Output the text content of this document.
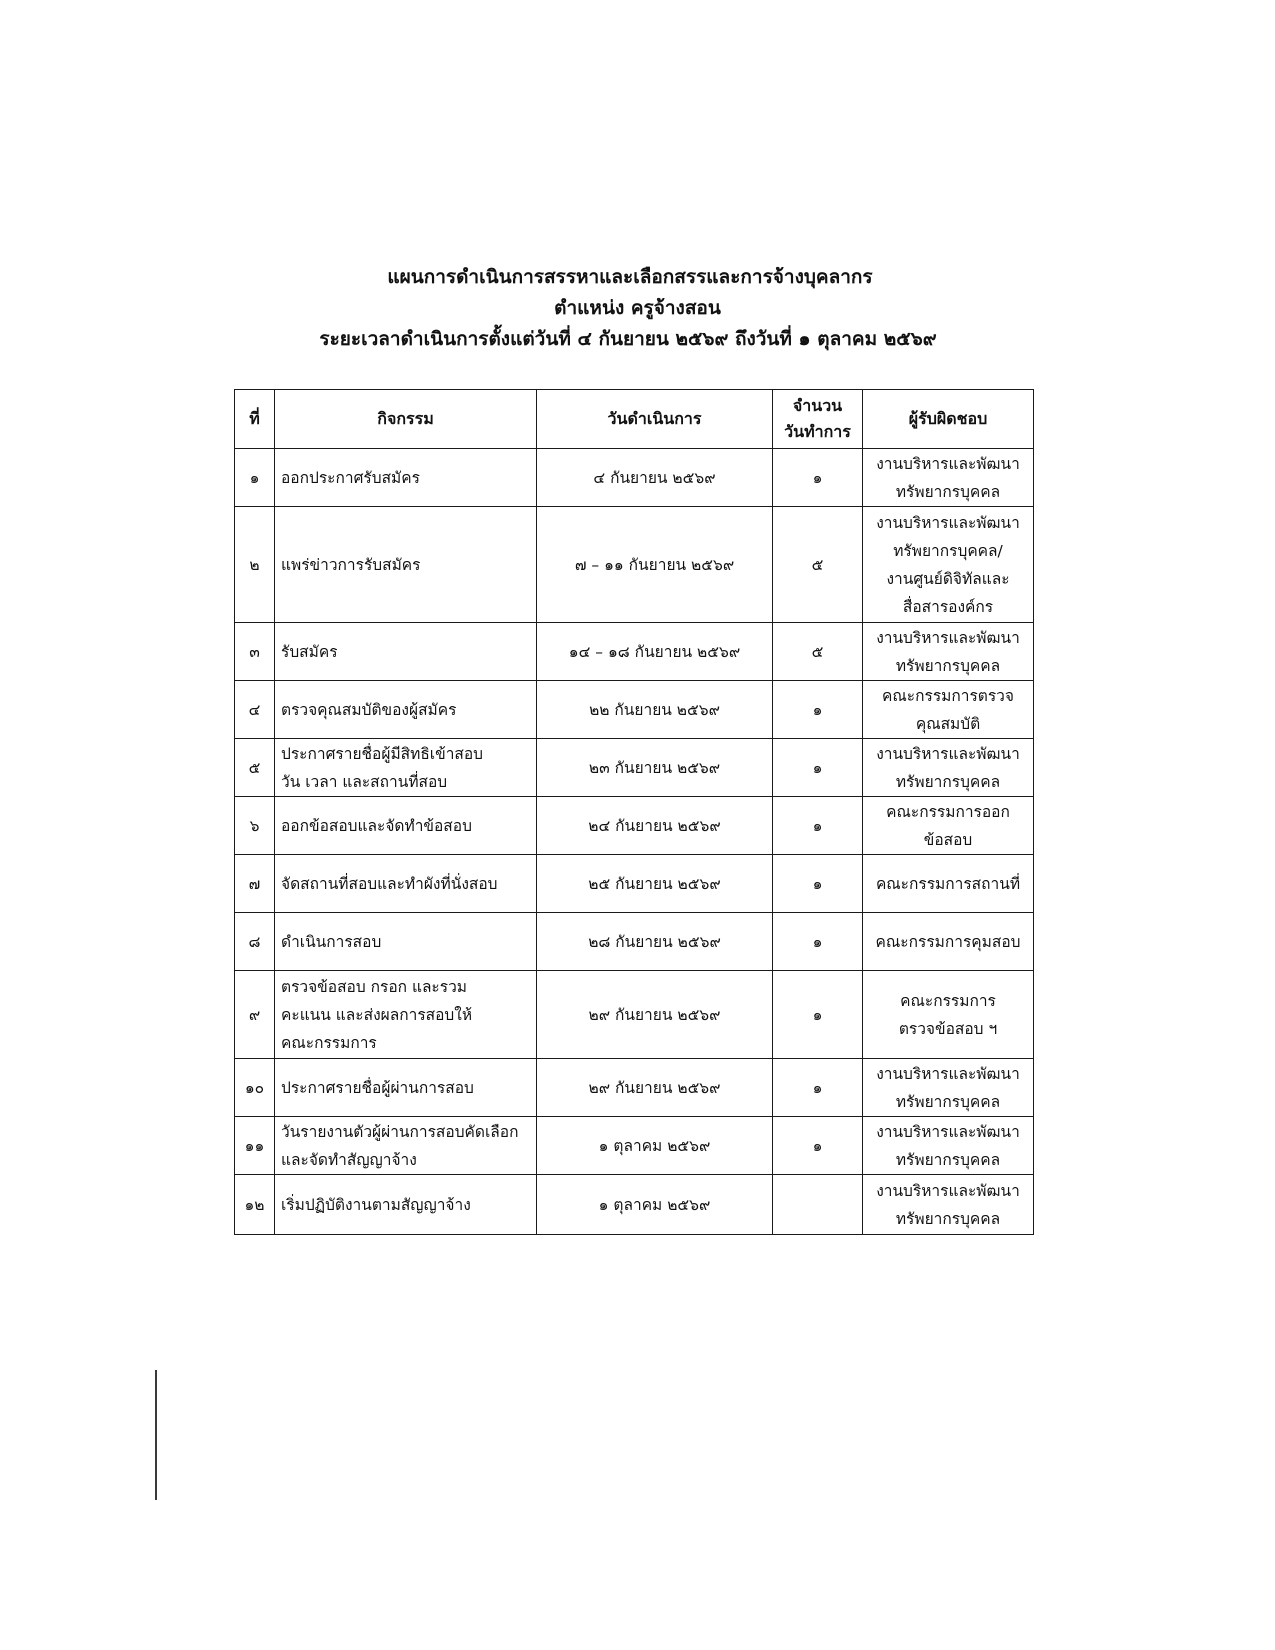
แผนการดำเนินการสรรหาและเลือกสรรและการจ้างบุคลากร
ตำแหน่ง ครูจ้างสอน
ระยะเวลาดำเนินการตั้งแต่วันที่ ๔ กันยายน ๒๕๖๙ ถึงวันที่ ๑ ตุลาคม ๒๕๖๙
ที่	กิจกรรม	วันดำเนินการ	จำนวน
วันทำการ	ผู้รับผิดชอบ
๑	ออกประกาศรับสมัคร	๔ กันยายน ๒๕๖๙	๑	งานบริหารและพัฒนา
ทรัพยากรบุคคล
๒	แพร่ข่าวการรับสมัคร	๗ – ๑๑ กันยายน ๒๕๖๙	๕	งานบริหารและพัฒนา
ทรัพยากรบุคคล/
งานศูนย์ดิจิทัลและ
สื่อสารองค์กร
๓	รับสมัคร	๑๔ – ๑๘ กันยายน ๒๕๖๙	๕	งานบริหารและพัฒนา
ทรัพยากรบุคคล
๔	ตรวจคุณสมบัติของผู้สมัคร	๒๒ กันยายน ๒๕๖๙	๑	คณะกรรมการตรวจ
คุณสมบัติ
๕	ประกาศรายชื่อผู้มีสิทธิเข้าสอบ
วัน เวลา และสถานที่สอบ	๒๓ กันยายน ๒๕๖๙	๑	งานบริหารและพัฒนา
ทรัพยากรบุคคล
๖	ออกข้อสอบและจัดทำข้อสอบ	๒๔ กันยายน ๒๕๖๙	๑	คณะกรรมการออก
ข้อสอบ
๗	จัดสถานที่สอบและทำผังที่นั่งสอบ	๒๕ กันยายน ๒๕๖๙	๑	คณะกรรมการสถานที่
๘	ดำเนินการสอบ	๒๘ กันยายน ๒๕๖๙	๑	คณะกรรมการคุมสอบ
๙	ตรวจข้อสอบ กรอก และรวม
คะแนน และส่งผลการสอบให้
คณะกรรมการ	๒๙ กันยายน ๒๕๖๙	๑	คณะกรรมการ
ตรวจข้อสอบ ฯ
๑๐	ประกาศรายชื่อผู้ผ่านการสอบ	๒๙ กันยายน ๒๕๖๙	๑	งานบริหารและพัฒนา
ทรัพยากรบุคคล
๑๑	วันรายงานตัวผู้ผ่านการสอบคัดเลือก
และจัดทำสัญญาจ้าง	๑ ตุลาคม ๒๕๖๙	๑	งานบริหารและพัฒนา
ทรัพยากรบุคคล
๑๒	เริ่มปฏิบัติงานตามสัญญาจ้าง	๑ ตุลาคม ๒๕๖๙		งานบริหารและพัฒนา
ทรัพยากรบุคคล
